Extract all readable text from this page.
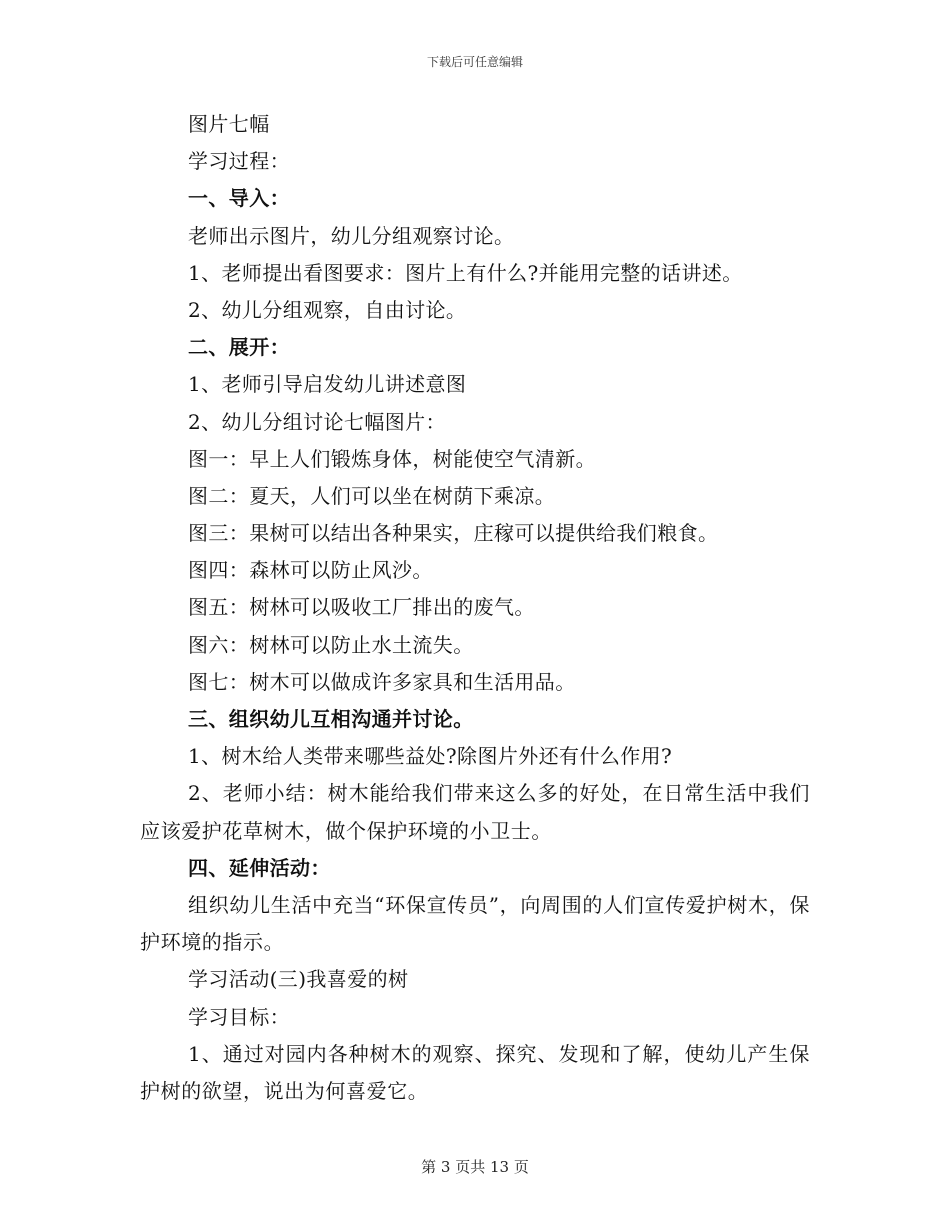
下载后可任意编辑
图片七幅
学习过程：
一、导入：
老师出示图片，幼儿分组观察讨论。
1、老师提出看图要求：图片上有什么?并能用完整的话讲述。
2、幼儿分组观察，自由讨论。
二、展开：
1、老师引导启发幼儿讲述意图
2、幼儿分组讨论七幅图片：
图一：早上人们锻炼身体，树能使空气清新。
图二：夏天，人们可以坐在树荫下乘凉。
图三：果树可以结出各种果实，庄稼可以提供给我们粮食。
图四：森林可以防止风沙。
图五：树林可以吸收工厂排出的废气。
图六：树林可以防止水土流失。
图七：树木可以做成许多家具和生活用品。
三、组织幼儿互相沟通并讨论。
1、树木给人类带来哪些益处?除图片外还有什么作用?
2、老师小结：树木能给我们带来这么多的好处，在日常生活中我们应该爱护花草树木，做个保护环境的小卫士。
四、延伸活动：
组织幼儿生活中充当“环保宣传员”，向周围的人们宣传爱护树木，保护环境的指示。
学习活动(三)我喜爱的树
学习目标：
1、通过对园内各种树木的观察、探究、发现和了解，使幼儿产生保护树的欲望，说出为何喜爱它。
第 3 页共 13 页
